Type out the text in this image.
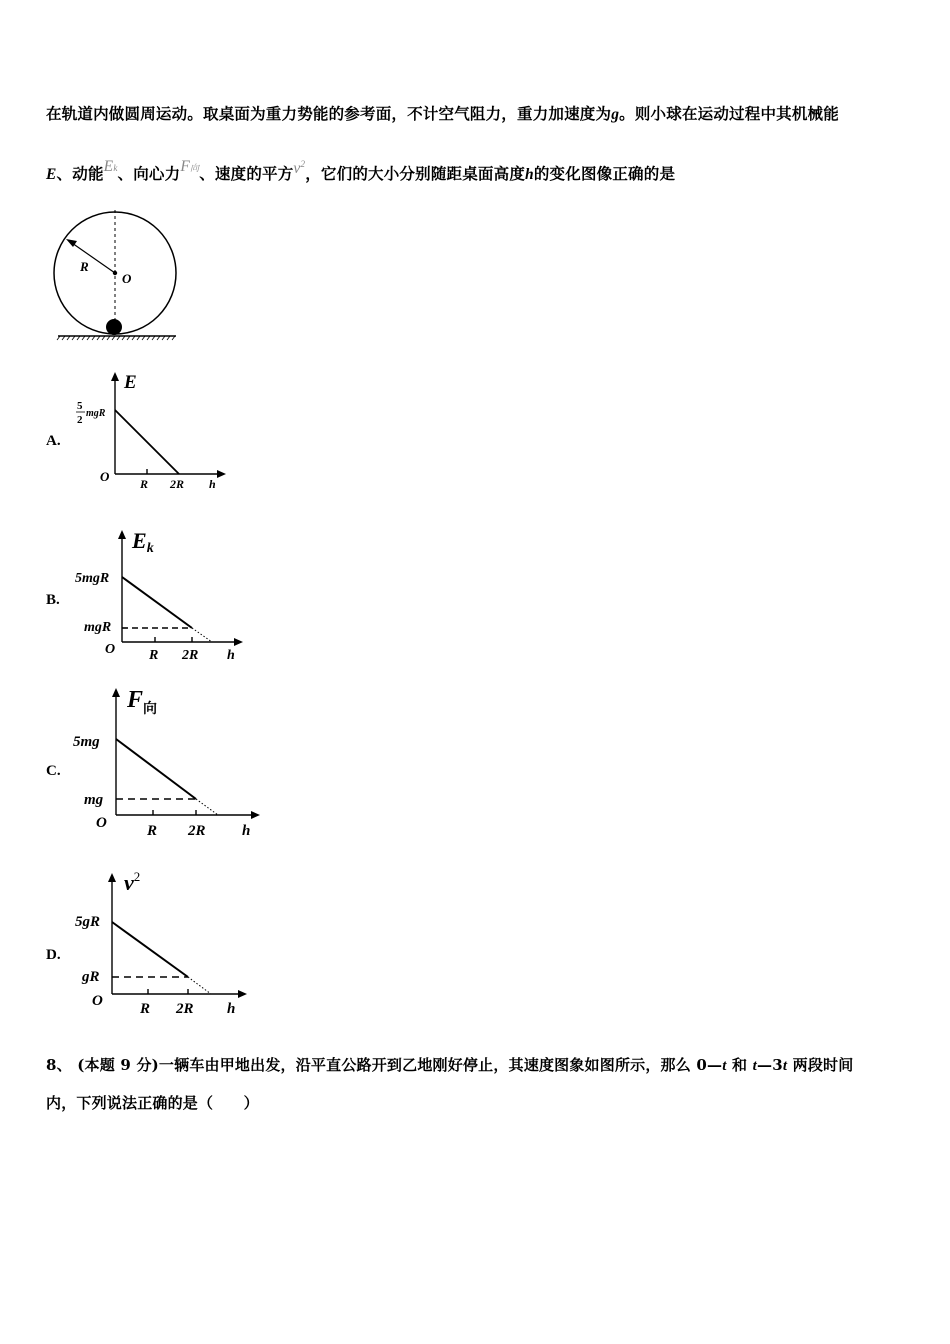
在轨道内做圆周运动。取桌面为重力势能的参考面，不计空气阻力，重力加速度为g。则小球在运动过程中其机械能
E、动能Ek、向心力F向、速度的平方$v^2$，它们的大小分别随距桌面高度h的变化图像正确的是
R
O
A.
E
5
2
mgR
R 2R h
O
B.
Ek
5mgR
mgR
R 2R h
O
C.
$F_向$
5mg
mg
R 2R h
O
D.
$v^2$
5gR
gR
R 2R h
O
8、 (本题 9 分)一辆车由甲地出发，沿平直公路开到乙地刚好停止，其速度图象如图所示，那么 0—t 和 t—3t 两段时间
内，下列说法正确的是（　　）
